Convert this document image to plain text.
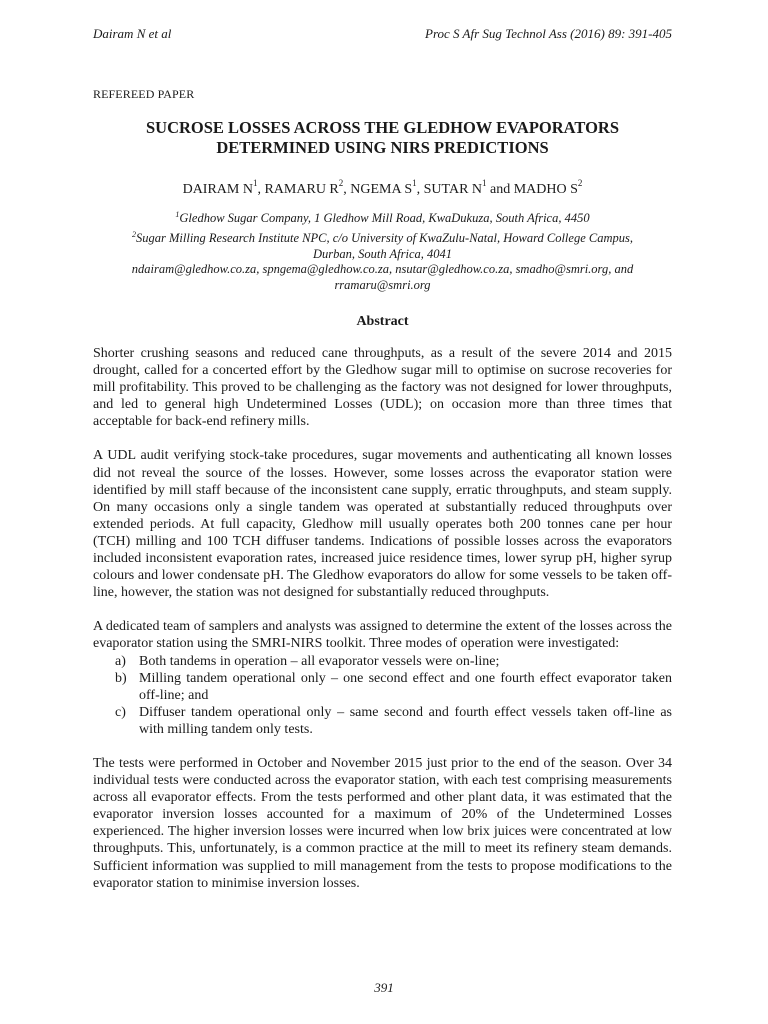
Dairam N et al	Proc S Afr Sug Technol Ass (2016) 89: 391-405
REFEREED PAPER
SUCROSE LOSSES ACROSS THE GLEDHOW EVAPORATORS
DETERMINED USING NIRS PREDICTIONS
DAIRAM $N^1$, RAMARU $R^2$, NGEMA $S^1$, SUTAR $N^1$ and MADHO $S^2$
$^1$Gledhow Sugar Company, 1 Gledhow Mill Road, KwaDukuza, South Africa, 4450
$^2$Sugar Milling Research Institute NPC, c/o University of KwaZulu-Natal, Howard College Campus,
Durban, South Africa, 4041
ndairam@gledhow.co.za, spngema@gledhow.co.za, nsutar@gledhow.co.za, smadho@smri.org, and
rramaru@smri.org
Abstract

Shorter crushing seasons and reduced cane throughputs, as a result of the severe 2014 and 2015 drought, called for a concerted effort by the Gledhow sugar mill to optimise on sucrose recoveries for mill profitability. This proved to be challenging as the factory was not designed for lower throughputs, and led to general high Undetermined Losses (UDL); on occasion more than three times that acceptable for back-end refinery mills.

A UDL audit verifying stock-take procedures, sugar movements and authenticating all known losses did not reveal the source of the losses. However, some losses across the evaporator station were identified by mill staff because of the inconsistent cane supply, erratic throughputs, and steam supply. On many occasions only a single tandem was operated at substantially reduced throughputs over extended periods. At full capacity, Gledhow mill usually operates both 200 tonnes cane per hour (TCH) milling and 100 TCH diffuser tandems. Indications of possible losses across the evaporators included inconsistent evaporation rates, increased juice residence times, lower syrup pH, higher syrup colours and lower condensate pH. The Gledhow evaporators do allow for some vessels to be taken off-line, however, the station was not designed for substantially reduced throughputs.

A dedicated team of samplers and analysts was assigned to determine the extent of the losses across the evaporator station using the SMRI-NIRS toolkit. Three modes of operation were investigated:

a) Both tandems in operation – all evaporator vessels were on-line;
b) Milling tandem operational only – one second effect and one fourth effect evaporator taken off-line; and
c) Diffuser tandem operational only – same second and fourth effect vessels taken off-line as with milling tandem only tests.

The tests were performed in October and November 2015 just prior to the end of the season. Over 34 individual tests were conducted across the evaporator station, with each test comprising measurements across all evaporator effects. From the tests performed and other plant data, it was estimated that the evaporator inversion losses accounted for a maximum of 20% of the Undetermined Losses experienced. The higher inversion losses were incurred when low brix juices were concentrated at low throughputs. This, unfortunately, is a common practice at the mill to meet its refinery steam demands. Sufficient information was supplied to mill management from the tests to propose modifications to the evaporator station to minimise inversion losses.

391
